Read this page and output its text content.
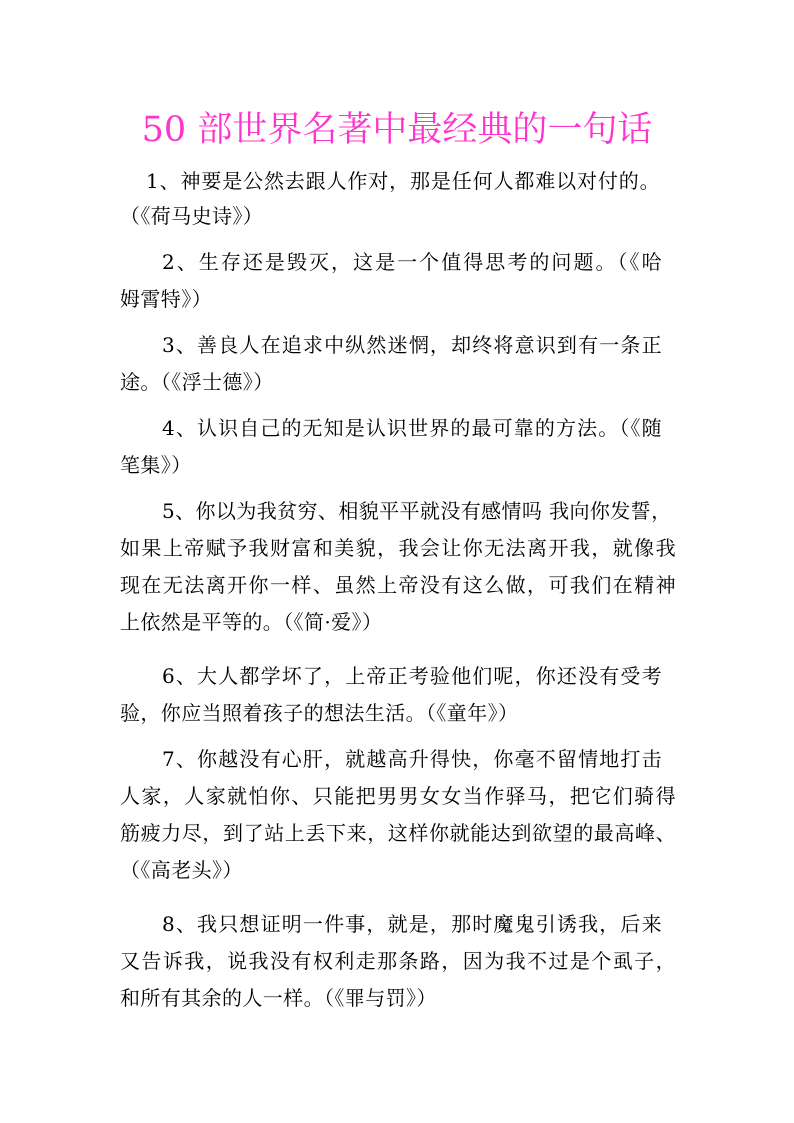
50 部世界名著中最经典的一句话
1、神要是公然去跟人作对，那是任何人都难以对付的。
（《荷马史诗》）
2、生存还是毁灭，这是一个值得思考的问题。（《哈
姆霄特》）
3、善良人在追求中纵然迷惘，却终将意识到有一条正
途。（《浮士德》）
4、认识自己的无知是认识世界的最可靠的方法。（《随
笔集》）
5、你以为我贫穷、相貌平平就没有感情吗 我向你发誓，
如果上帝赋予我财富和美貌，我会让你无法离开我，就像我
现在无法离开你一样、虽然上帝没有这么做，可我们在精神
上依然是平等的。（《简·爱》）
6、大人都学坏了，上帝正考验他们呢，你还没有受考
验，你应当照着孩子的想法生活。（《童年》）
7、你越没有心肝，就越高升得快，你毫不留情地打击
人家，人家就怕你、只能把男男女女当作驿马，把它们骑得
筋疲力尽，到了站上丢下来，这样你就能达到欲望的最高峰、
（《高老头》）
8、我只想证明一件事，就是，那时魔鬼引诱我，后来
又告诉我，说我没有权利走那条路，因为我不过是个虱子，
和所有其余的人一样。（《罪与罚》）
